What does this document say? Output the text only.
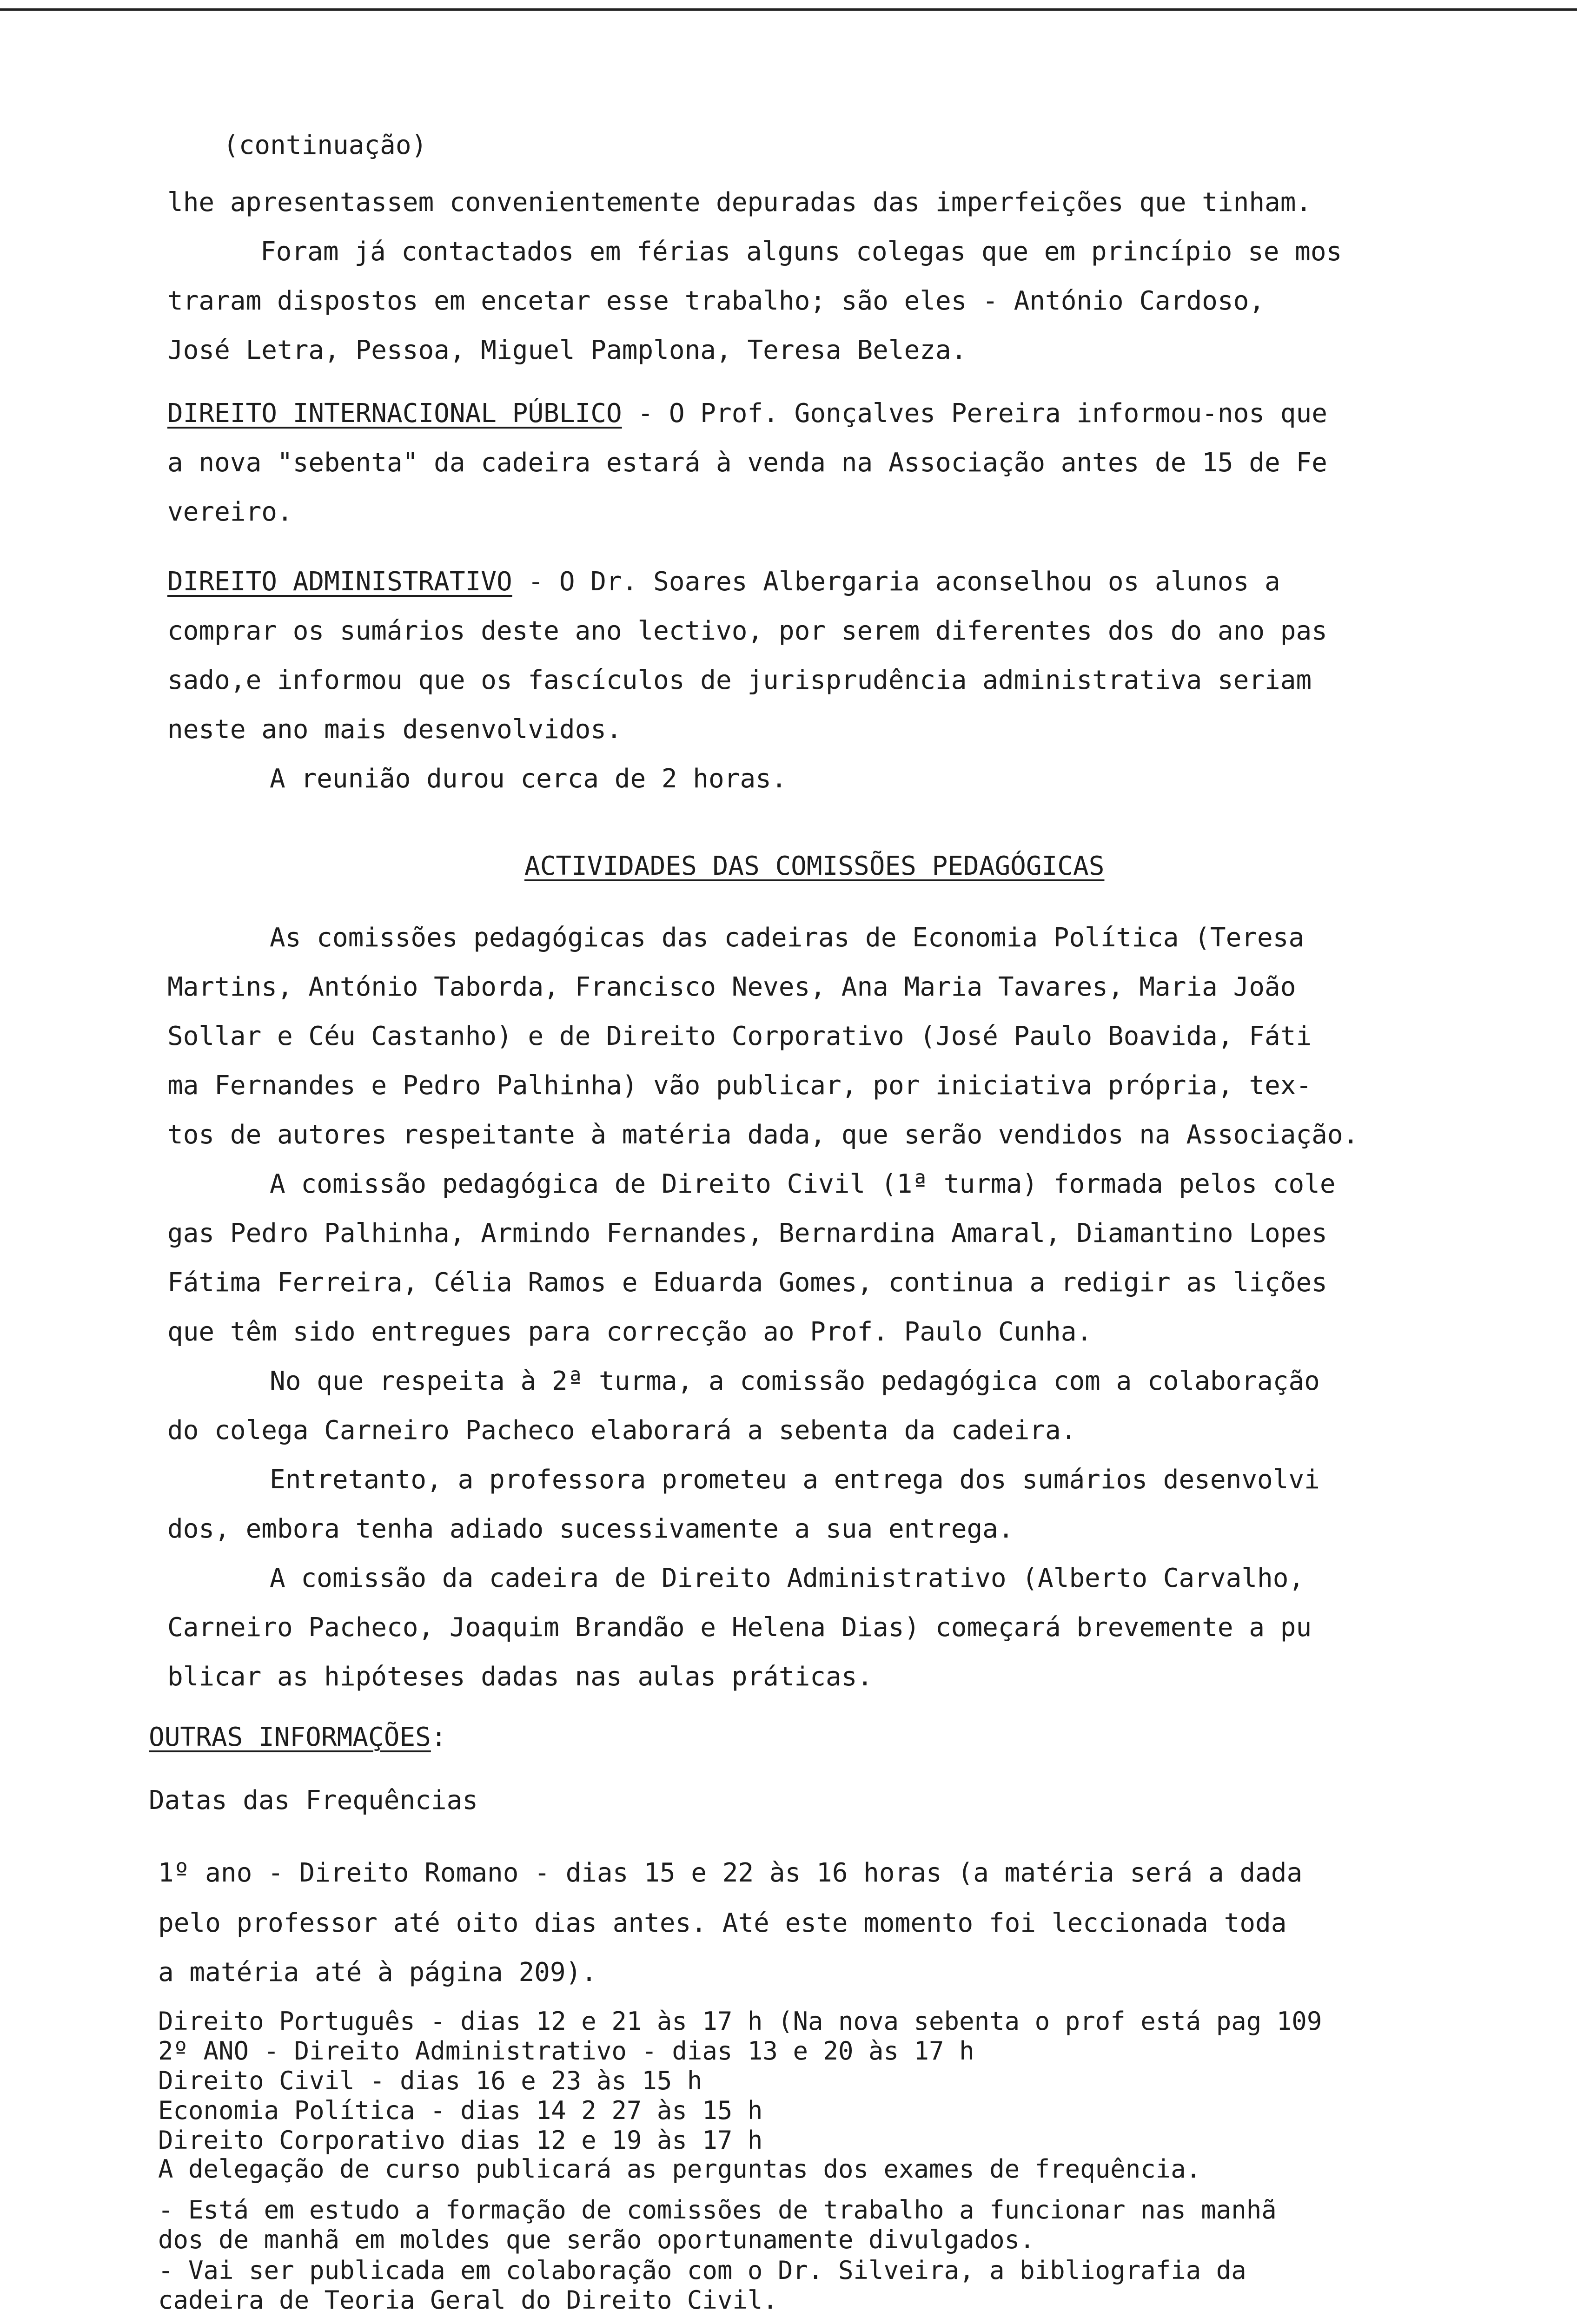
(continuação)

lhe apresentassem convenientemente depuradas das imperfeições que tinham.

Foram já contactados em férias alguns colegas que em princípio se mos

traram dispostos em encetar esse trabalho; são eles - António Cardoso,

José Letra, Pessoa, Miguel Pamplona, Teresa Beleza.

DIREITO INTERNACIONAL PÚBLICO - O Prof. Gonçalves Pereira informou-nos que

a nova "sebenta" da cadeira estará à venda na Associação antes de 15 de Fe

vereiro.

DIREITO ADMINISTRATIVO - O Dr. Soares Albergaria aconselhou os alunos a

comprar os sumários deste ano lectivo, por serem diferentes dos do ano pas

sado,e informou que os fascículos de jurisprudência administrativa seriam

neste ano mais desenvolvidos.

A reunião durou cerca de 2 horas.

ACTIVIDADES DAS COMISSÕES PEDAGÓGICAS

As comissões pedagógicas das cadeiras de Economia Política (Teresa

Martins, António Taborda, Francisco Neves, Ana Maria Tavares, Maria João

Sollar e Céu Castanho) e de Direito Corporativo (José Paulo Boavida, Fáti

ma Fernandes e Pedro Palhinha) vão publicar, por iniciativa própria, tex-

tos de autores respeitante à matéria dada, que serão vendidos na Associação.

A comissão pedagógica de Direito Civil (1ª turma) formada pelos cole

gas Pedro Palhinha, Armindo Fernandes, Bernardina Amaral, Diamantino Lopes

Fátima Ferreira, Célia Ramos e Eduarda Gomes, continua a redigir as lições

que têm sido entregues para correcção ao Prof. Paulo Cunha.

No que respeita à 2ª turma, a comissão pedagógica com a colaboração

do colega Carneiro Pacheco elaborará a sebenta da cadeira.

Entretanto, a professora prometeu a entrega dos sumários desenvolvi

dos, embora tenha adiado sucessivamente a sua entrega.

A comissão da cadeira de Direito Administrativo (Alberto Carvalho,

Carneiro Pacheco, Joaquim Brandão e Helena Dias) começará brevemente a pu

blicar as hipóteses dadas nas aulas práticas.

OUTRAS INFORMAÇÕES:

Datas das Frequências

1º ano - Direito Romano - dias 15 e 22 às 16 horas (a matéria será a dada

pelo professor até oito dias antes. Até este momento foi leccionada toda

a matéria até à página 209).

Direito Português - dias 12 e 21 às 17 h (Na nova sebenta o prof está pag 109

2º ANO - Direito Administrativo - dias 13 e 20 às 17 h

Direito Civil - dias 16 e 23 às 15 h

Economia Política - dias 14 2 27 às 15 h

Direito Corporativo dias 12 e 19 às 17 h

A delegação de curso publicará as perguntas dos exames de frequência.

- Está em estudo a formação de comissões de trabalho a funcionar nas manhã

dos de manhã em moldes que serão oportunamente divulgados.

- Vai ser publicada em colaboração com o Dr. Silveira, a bibliografia da

cadeira de Teoria Geral do Direito Civil.
